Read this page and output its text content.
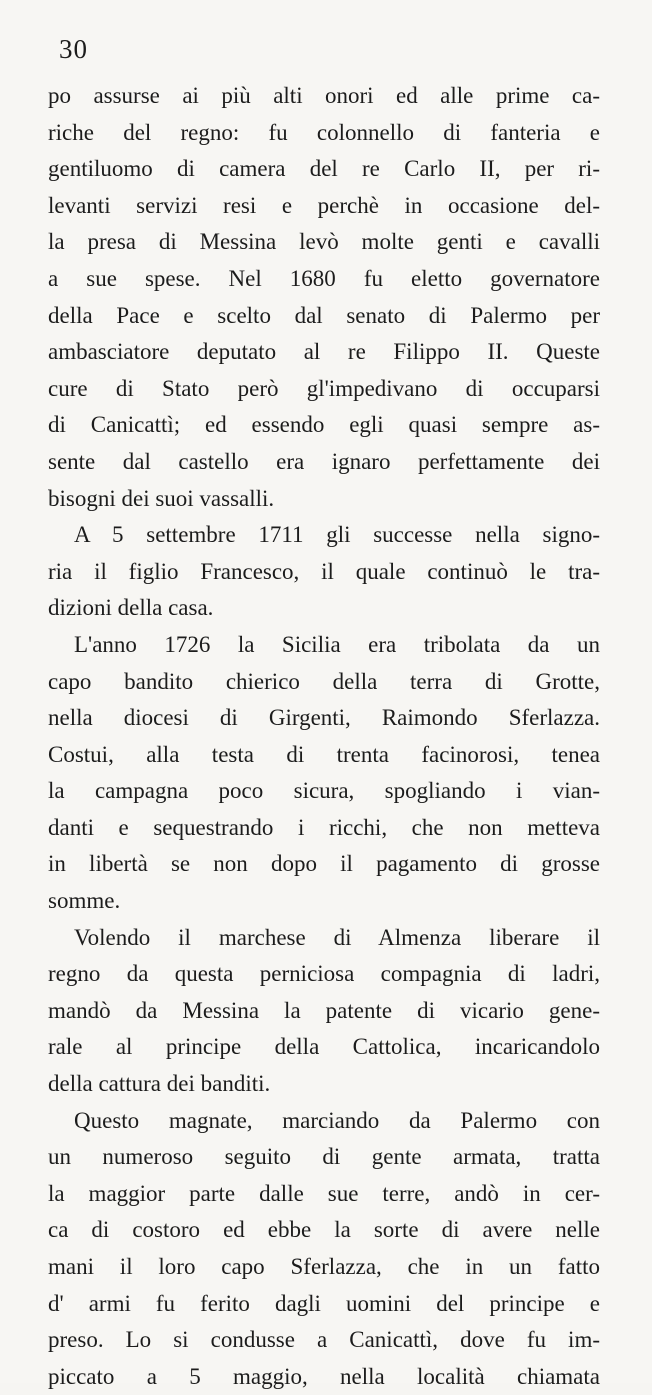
30
po assurse ai più alti onori ed alle prime ca-
riche del regno: fu colonnello di fanteria e
gentiluomo di camera del re Carlo II, per ri-
levanti servizi resi e perchè in occasione del-
la presa di Messina levò molte genti e cavalli
a sue spese. Nel 1680 fu eletto governatore
della Pace e scelto dal senato di Palermo per
ambasciatore deputato al re Filippo II. Queste
cure di Stato però gl'impedivano di occuparsi
di Canicattì; ed essendo egli quasi sempre as-
sente dal castello era ignaro perfettamente dei
bisogni dei suoi vassalli.
A 5 settembre 1711 gli successe nella signo-
ria il figlio Francesco, il quale continuò le tra-
dizioni della casa.
L'anno 1726 la Sicilia era tribolata da un
capo bandito chierico della terra di Grotte,
nella diocesi di Girgenti, Raimondo Sferlazza.
Costui, alla testa di trenta facinorosi, tenea
la campagna poco sicura, spogliando i vian-
danti e sequestrando i ricchi, che non metteva
in libertà se non dopo il pagamento di grosse
somme.
Volendo il marchese di Almenza liberare il
regno da questa perniciosa compagnia di ladri,
mandò da Messina la patente di vicario gene-
rale al principe della Cattolica, incaricandolo
della cattura dei banditi.
Questo magnate, marciando da Palermo con
un numeroso seguito di gente armata, tratta
la maggior parte dalle sue terre, andò in cer-
ca di costoro ed ebbe la sorte di avere nelle
mani il loro capo Sferlazza, che in un fatto
d' armi fu ferito dagli uomini del principe e
preso. Lo si condusse a Canicattì, dove fu im-
piccato a 5 maggio, nella località chiamata
